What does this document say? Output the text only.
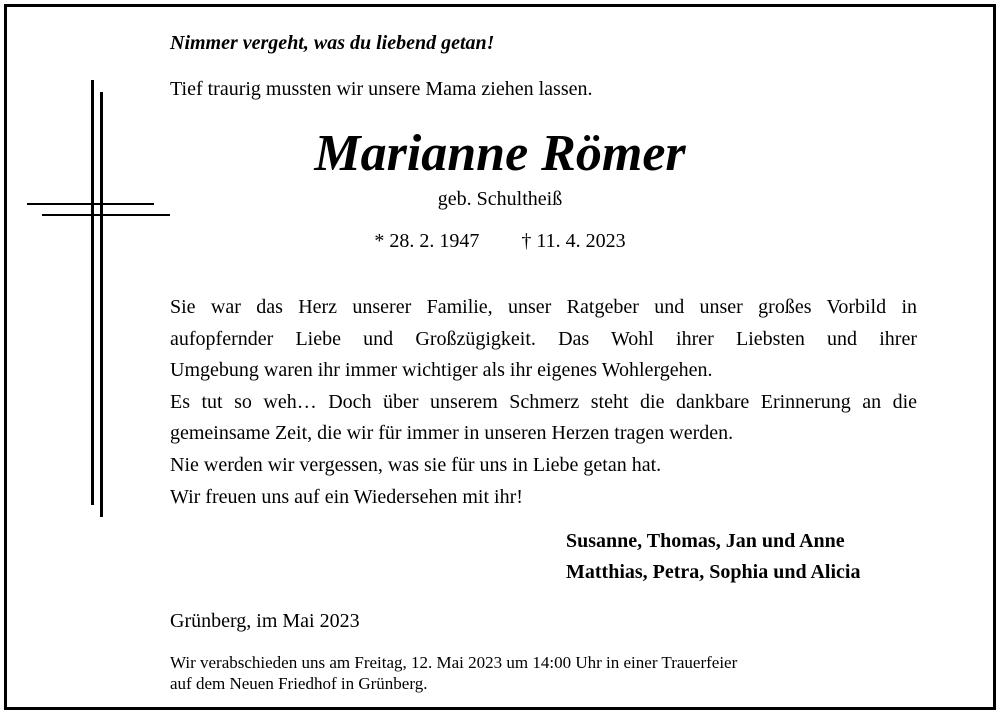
Nimmer vergeht, was du liebend getan!
Tief traurig mussten wir unsere Mama ziehen lassen.
Marianne Römer
geb. Schultheiß
* 28. 2. 1947 † 11. 4. 2023
Sie war das Herz unserer Familie, unser Ratgeber und unser großes Vorbild in
aufopfernder Liebe und Großzügigkeit. Das Wohl ihrer Liebsten und ihrer
Umgebung waren ihr immer wichtiger als ihr eigenes Wohlergehen.
Es tut so weh… Doch über unserem Schmerz steht die dankbare Erinnerung an die
gemeinsame Zeit, die wir für immer in unseren Herzen tragen werden.
Nie werden wir vergessen, was sie für uns in Liebe getan hat.
Wir freuen uns auf ein Wiedersehen mit ihr!
Susanne, Thomas, Jan und Anne
Matthias, Petra, Sophia und Alicia
Grünberg, im Mai 2023
Wir verabschieden uns am Freitag, 12. Mai 2023 um 14:00 Uhr in einer Trauerfeier
auf dem Neuen Friedhof in Grünberg.
